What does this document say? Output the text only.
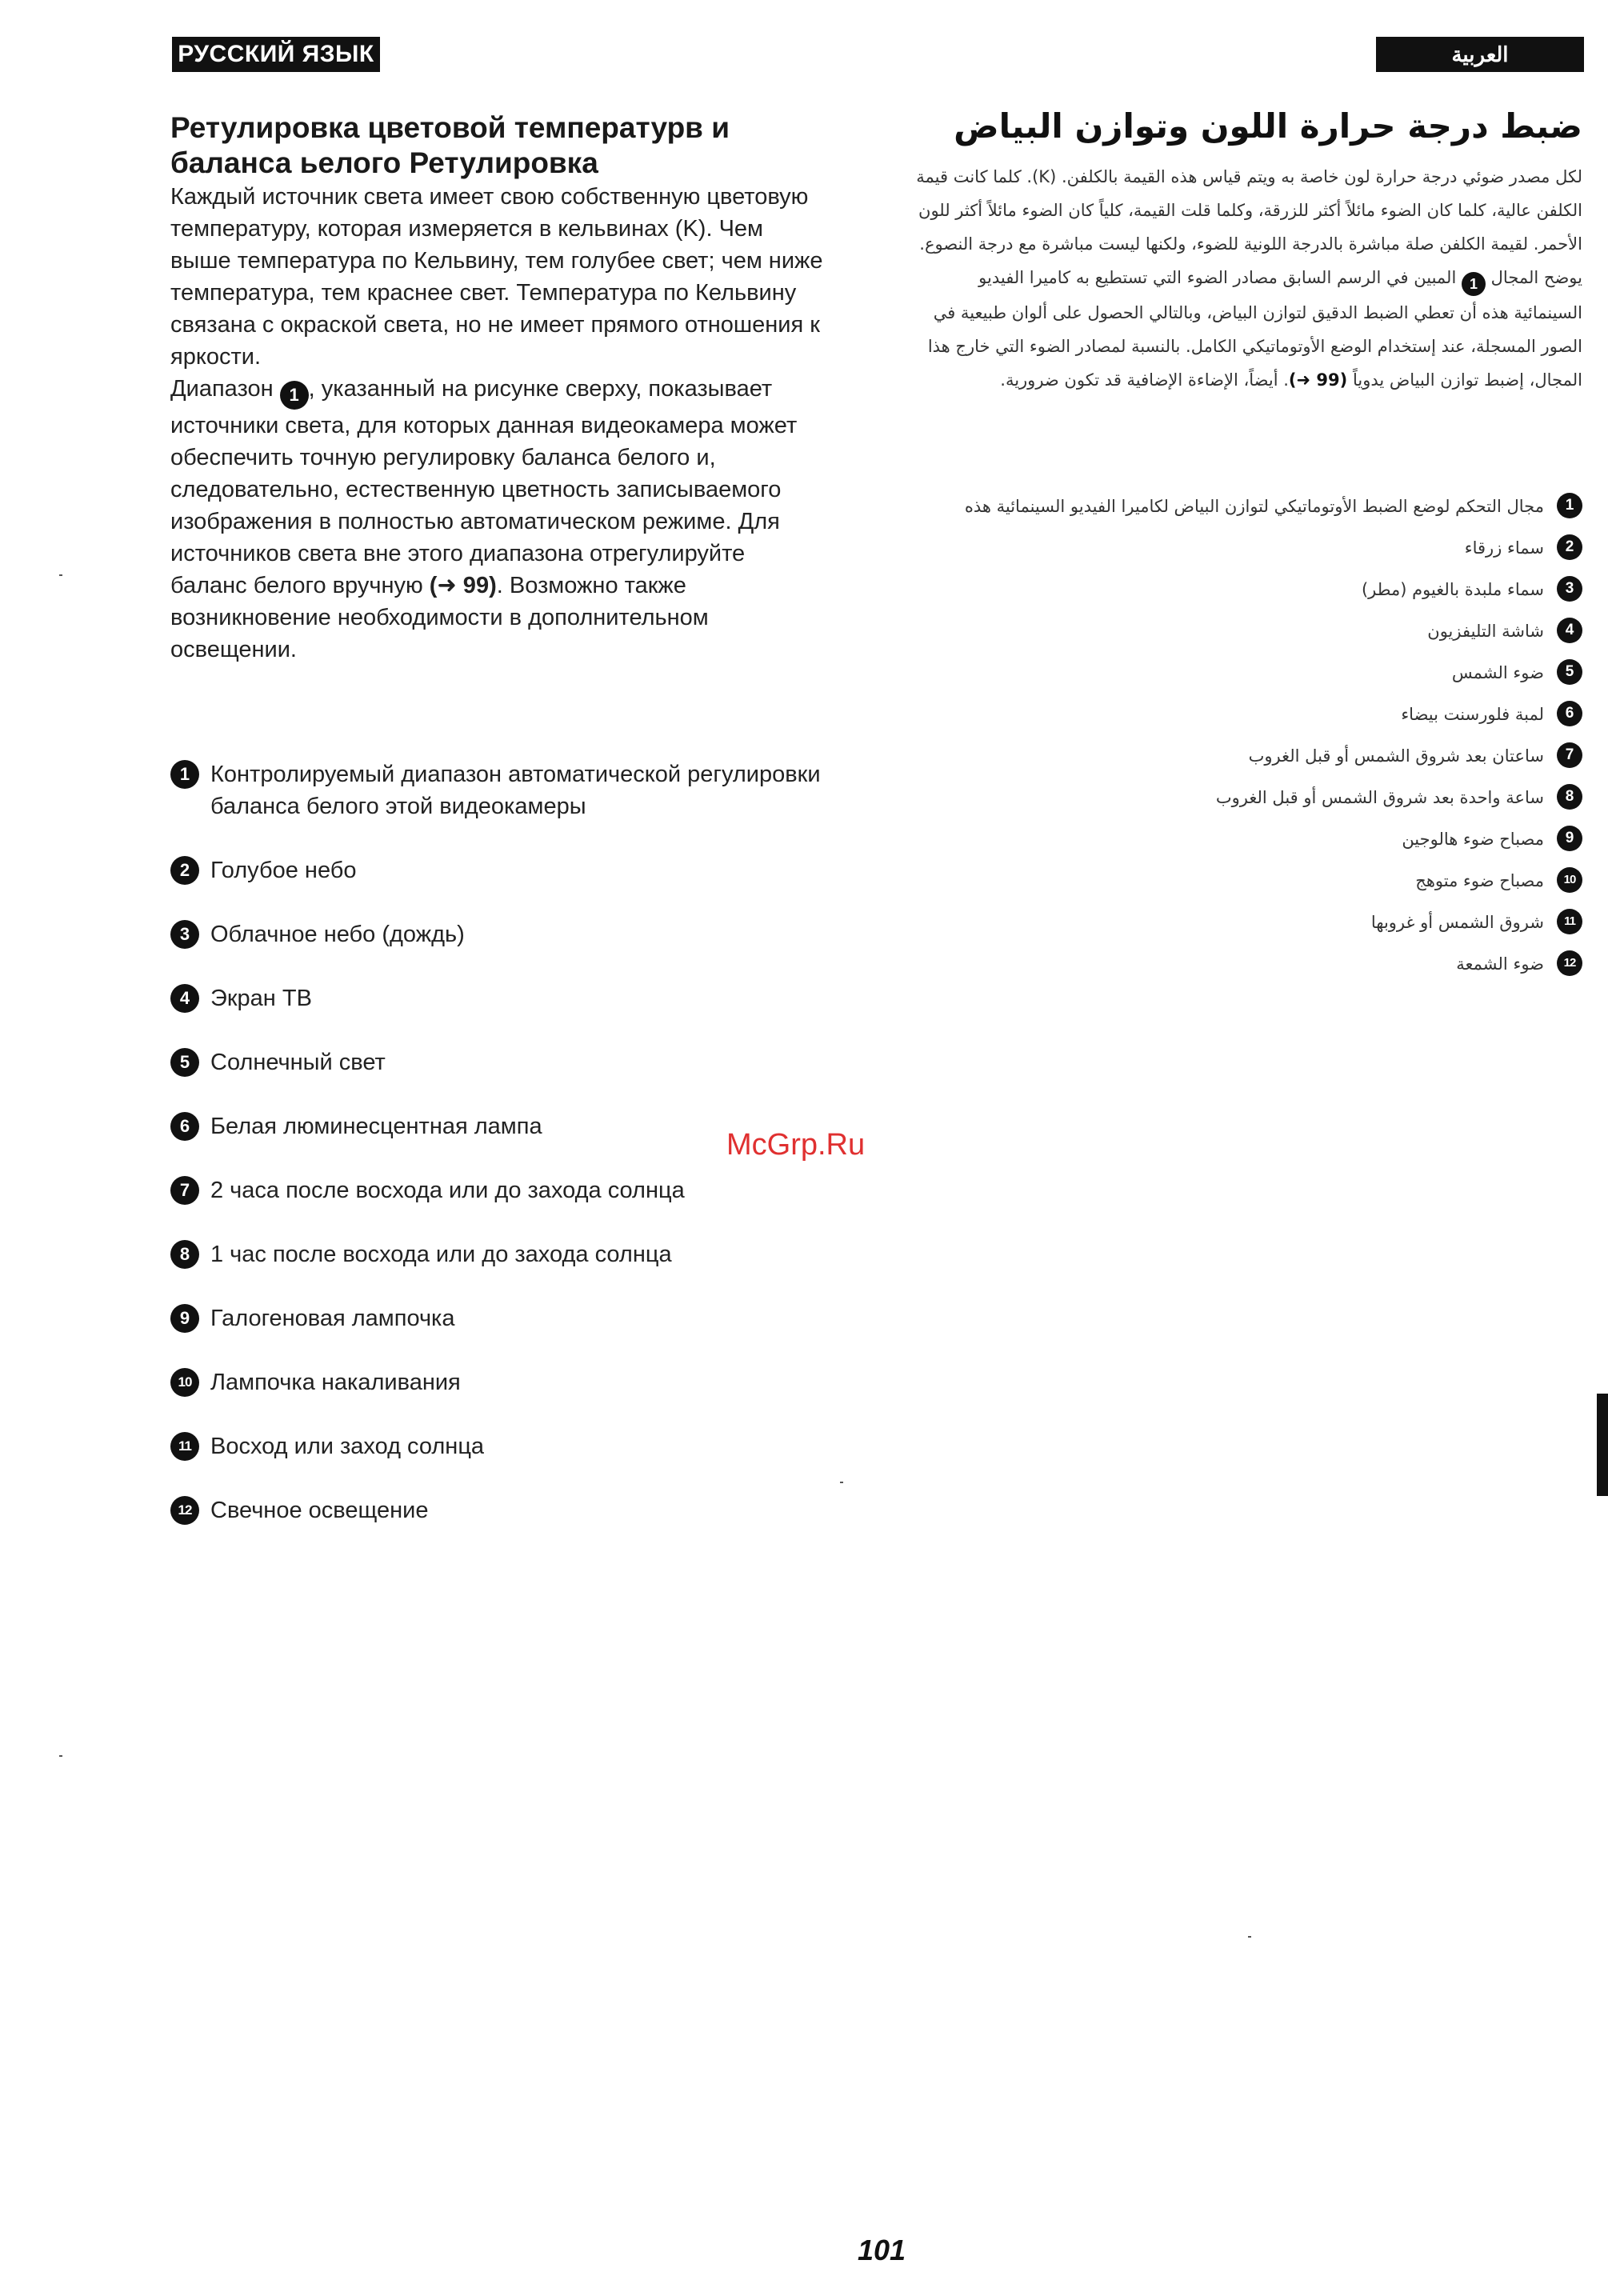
РУССКИЙ ЯЗЫК	العربية
Ретулировка цветовой температурв и баланса ьелого Ретулировка

Каждый источник света имеет свою собственную цветовую температуру, которая измеряется в кельвинах (K). Чем выше температура по Кельвину, тем голубее свет; чем ниже температура, тем краснее свет. Температура по Кельвину связана с окраской света, но не имеет прямого отношения к яркости.

Диапазон 1 , указанный на рисунке сверху, показывает источники света, для которых данная видеокамера может обеспечить точную регулировку баланса белого и, следовательно, естественную цветность записываемого изображения в полностью автоматическом режиме. Для источников света вне этого диапазона отрегулируйте баланс белого вручную (➜ 99). Возможно также возникновение необходимости в дополнительном освещении.

1 Контролируемый диапазон автоматической регулировки баланса белого этой видеокамеры
2 Голубое небо
3 Облачное небо (дождь)
4 Экран ТВ
5 Солнечный свет
6 Белая люминесцентная лампа
7 2 часа после восхода или до захода солнца
8 1 час после восхода или до захода солнца
9 Галогеновая лампочка
10 Лампочка накаливания
11 Восход или заход солнца
12 Свечное освещение
ضبط درجة حرارة اللون وتوازن البياض

لكل مصدر ضوئي درجة حرارة لون خاصة به ويتم قياس هذه القيمة بالكلفن. (K). كلما كانت قيمة الكلفن عالية، كلما كان الضوء مائلاً أكثر للزرقة، وكلما قلت القيمة، كلياً كان الضوء مائلاً أكثر للون الأحمر. لقيمة الكلفن صلة مباشرة بالدرجة اللونية للضوء، ولكنها ليست مباشرة مع درجة النصوع.

يوضح المجال 1 المبين في الرسم السابق مصادر الضوء التي تستطيع به كاميرا الفيديو السينمائية هذه أن تعطي الضبط الدقيق لتوازن البياض، وبالتالي الحصول على ألوان طبيعية في الصور المسجلة، عند إستخدام الوضع الأوتوماتيكي الكامل. بالنسبة لمصادر الضوء التي خارج هذا المجال، إضبط توازن البياض يدوياً (99 ➜). أيضاً، الإضاءة الإضافية قد تكون ضرورية.

1
مجال التحكم لوضع الضبط الأوتوماتيكي لتوازن البياض لكاميرا الفيديو السينمائية هذه
2
سماء زرقاء
3
سماء ملبدة بالغيوم (مطر)
4
شاشة التليفزيون
5
ضوء الشمس
6
لمبة فلورسنت بيضاء
7
ساعتان بعد شروق الشمس أو قبل الغروب
8
ساعة واحدة بعد شروق الشمس أو قبل الغروب
9
مصباح ضوء هالوجين
10
مصباح ضوء متوهج
11
شروق الشمس أو غروبها
12
ضوء الشمعة
McGrp.Ru
101
